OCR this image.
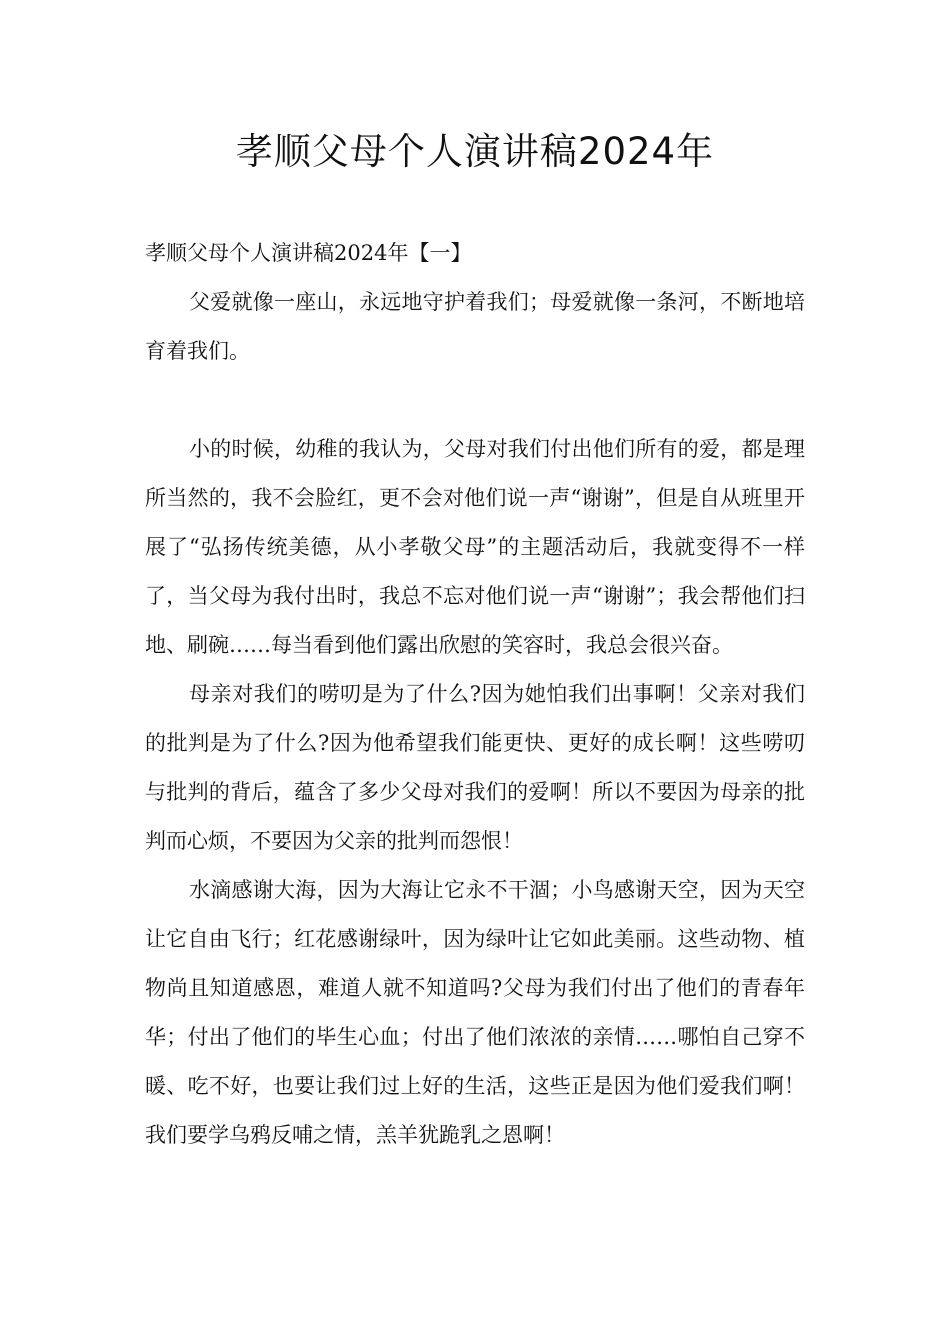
孝顺父母个人演讲稿2024年

孝顺父母个人演讲稿2024年【一】

父爱就像一座山，永远地守护着我们；母爱就像一条河，不断地培育着我们。

小的时候，幼稚的我认为，父母对我们付出他们所有的爱，都是理所当然的，我不会脸红，更不会对他们说一声“谢谢”，但是自从班里开展了“弘扬传统美德，从小孝敬父母”的主题活动后，我就变得不一样了，当父母为我付出时，我总不忘对他们说一声“谢谢”；我会帮他们扫地、刷碗……每当看到他们露出欣慰的笑容时，我总会很兴奋。

母亲对我们的唠叨是为了什么?因为她怕我们出事啊！父亲对我们的批判是为了什么?因为他希望我们能更快、更好的成长啊！这些唠叨与批判的背后，蕴含了多少父母对我们的爱啊！所以不要因为母亲的批判而心烦，不要因为父亲的批判而怨恨！

水滴感谢大海，因为大海让它永不干涸；小鸟感谢天空，因为天空让它自由飞行；红花感谢绿叶，因为绿叶让它如此美丽。这些动物、植物尚且知道感恩，难道人就不知道吗?父母为我们付出了他们的青春年华；付出了他们的毕生心血；付出了他们浓浓的亲情……哪怕自己穿不暖、吃不好，也要让我们过上好的生活，这些正是因为他们爱我们啊！我们要学乌鸦反哺之情，羔羊犹跪乳之恩啊！
